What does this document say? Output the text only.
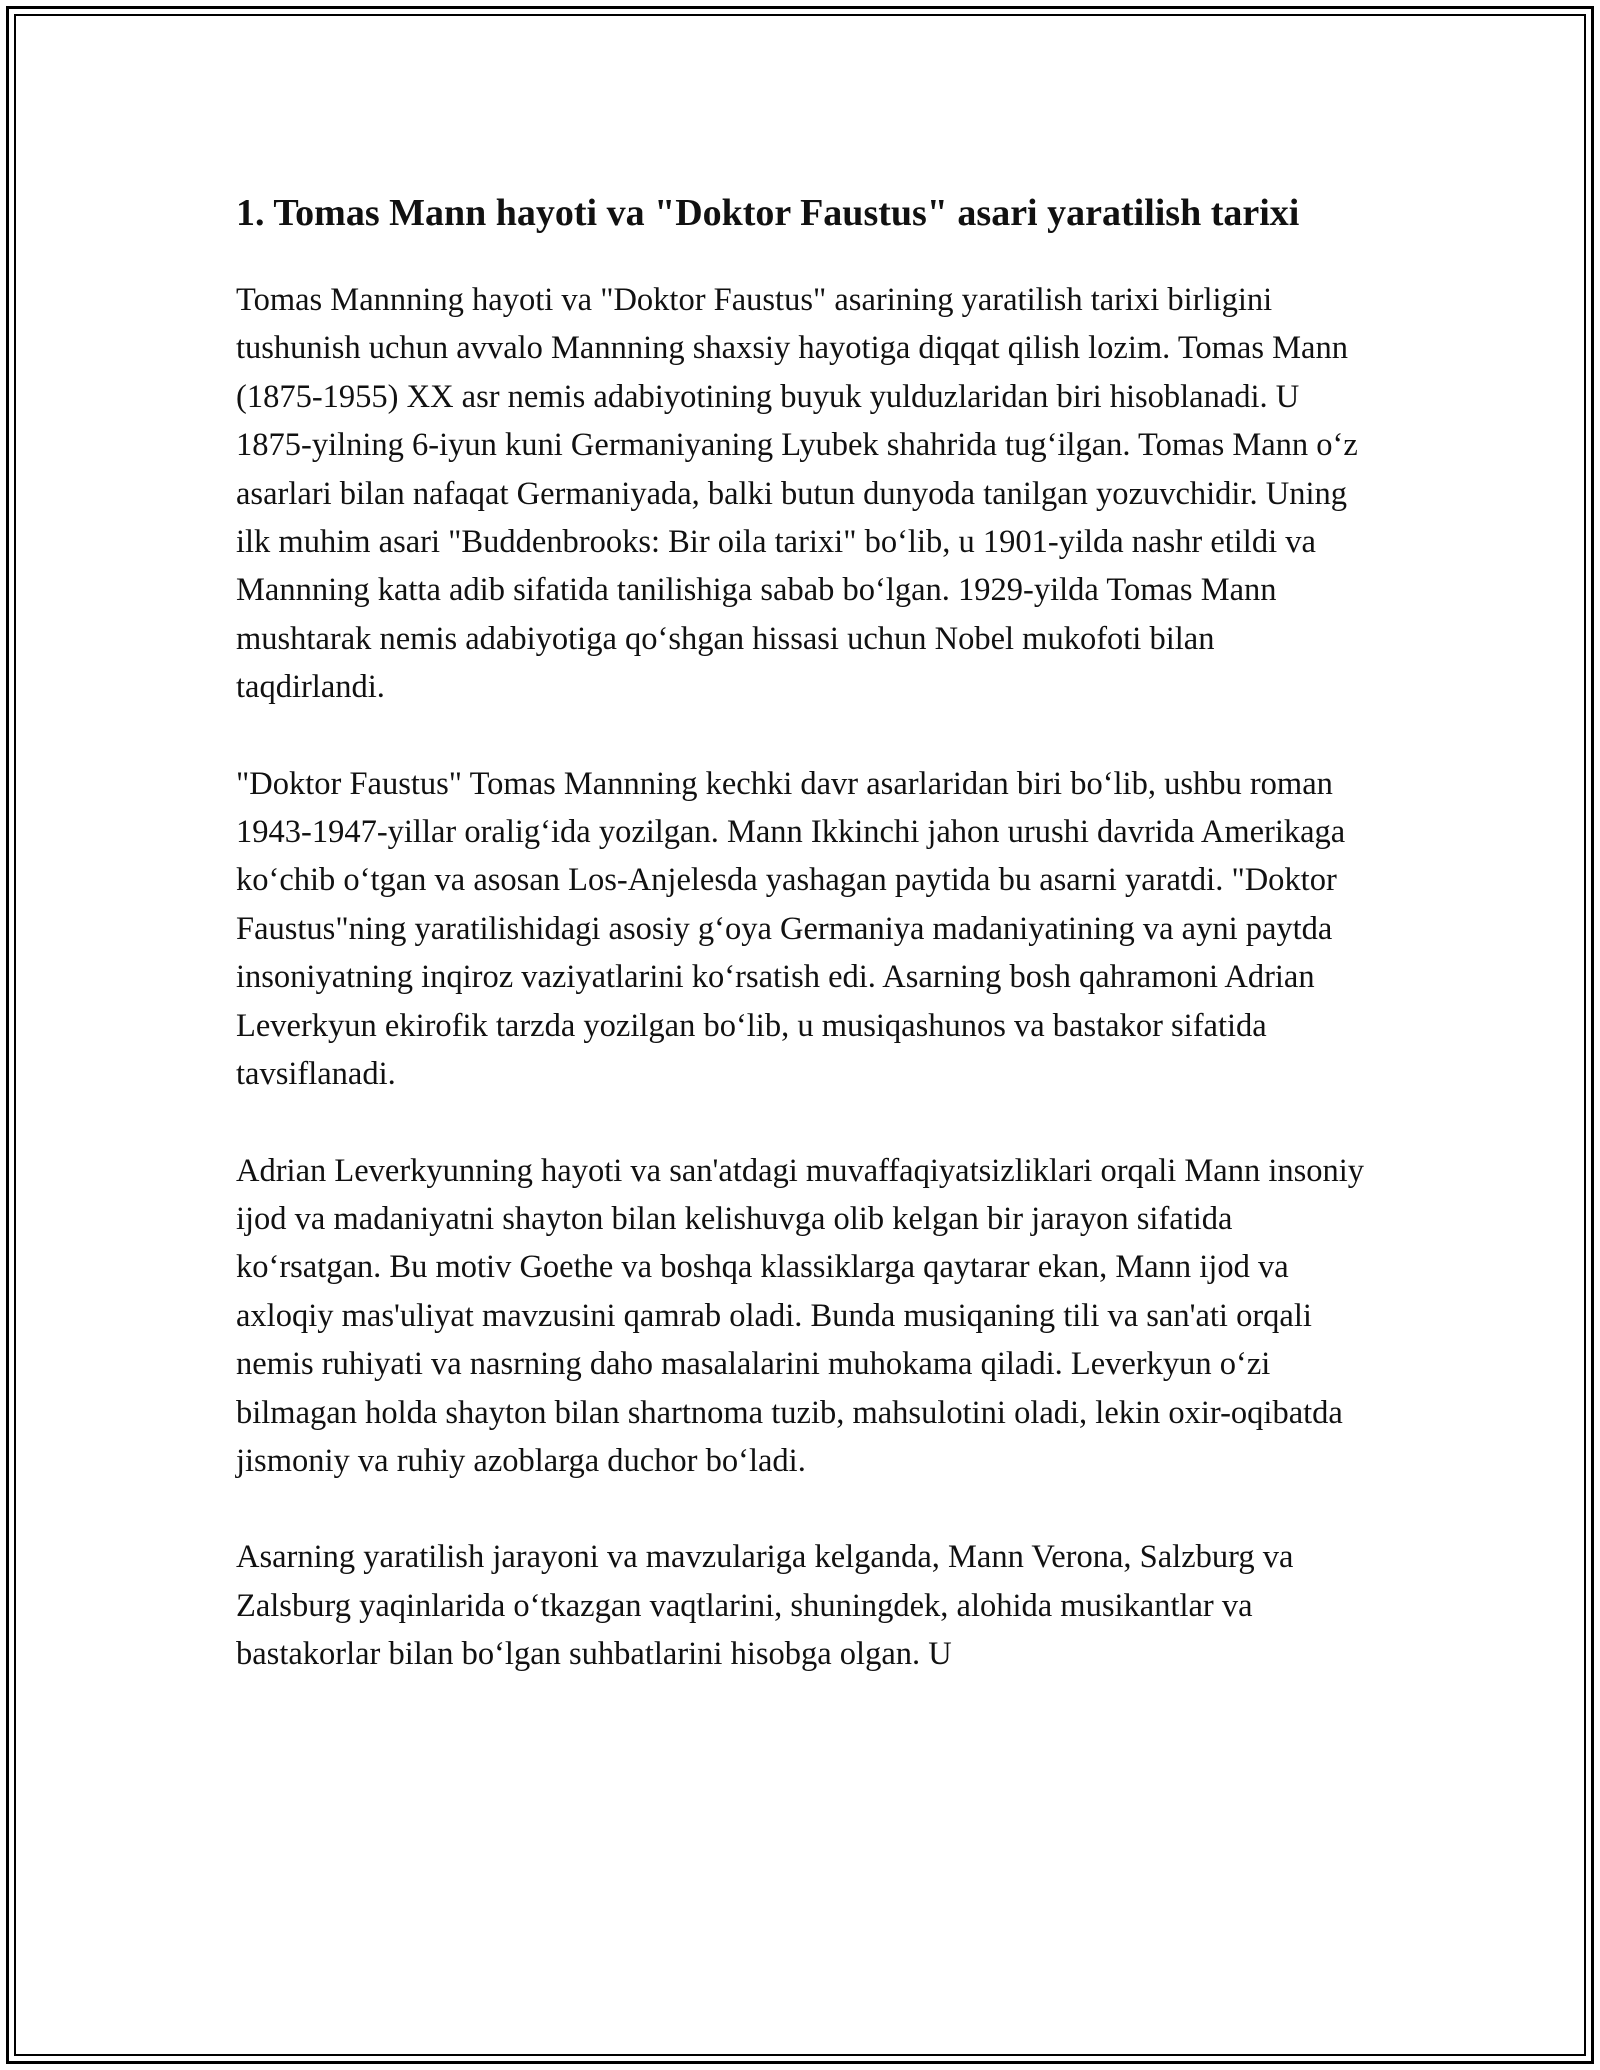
1. Tomas Mann hayoti va "Doktor Faustus" asari yaratilish tarixi

Tomas Mannning hayoti va "Doktor Faustus" asarining yaratilish tarixi birligini tushunish uchun avvalo Mannning shaxsiy hayotiga diqqat qilish lozim. Tomas Mann (1875-1955) XX asr nemis adabiyotining buyuk yulduzlaridan biri hisoblanadi. U 1875-yilning 6-iyun kuni Germaniyaning Lyubek shahrida tug‘ilgan. Tomas Mann o‘z asarlari bilan nafaqat Germaniyada, balki butun dunyoda tanilgan yozuvchidir. Uning ilk muhim asari "Buddenbrooks: Bir oila tarixi" bo‘lib, u 1901-yilda nashr etildi va Mannning katta adib sifatida tanilishiga sabab bo‘lgan. 1929-yilda Tomas Mann mushtarak nemis adabiyotiga qo‘shgan hissasi uchun Nobel mukofoti bilan taqdirlandi.

"Doktor Faustus" Tomas Mannning kechki davr asarlaridan biri bo‘lib, ushbu roman 1943-1947-yillar oralig‘ida yozilgan. Mann Ikkinchi jahon urushi davrida Amerikaga ko‘chib o‘tgan va asosan Los-Anjelesda yashagan paytida bu asarni yaratdi. "Doktor Faustus"ning yaratilishidagi asosiy g‘oya Germaniya madaniyatining va ayni paytda insoniyatning inqiroz vaziyatlarini ko‘rsatish edi. Asarning bosh qahramoni Adrian Leverkyun ekirofik tarzda yozilgan bo‘lib, u musiqashunos va bastakor sifatida tavsiflanadi.

Adrian Leverkyunning hayoti va san'atdagi muvaffaqiyatsizliklari orqali Mann insoniy ijod va madaniyatni shayton bilan kelishuvga olib kelgan bir jarayon sifatida ko‘rsatgan. Bu motiv Goethe va boshqa klassiklarga qaytarar ekan, Mann ijod va axloqiy mas'uliyat mavzusini qamrab oladi. Bunda musiqaning tili va san'ati orqali nemis ruhiyati va nasrning daho masalalarini muhokama qiladi. Leverkyun o‘zi bilmagan holda shayton bilan shartnoma tuzib, mahsulotini oladi, lekin oxir-oqibatda jismoniy va ruhiy azoblarga duchor bo‘ladi.

Asarning yaratilish jarayoni va mavzulariga kelganda, Mann Verona, Salzburg va Zalsburg yaqinlarida o‘tkazgan vaqtlarini, shuningdek, alohida musikantlar va bastakorlar bilan bo‘lgan suhbatlarini hisobga olgan. U
